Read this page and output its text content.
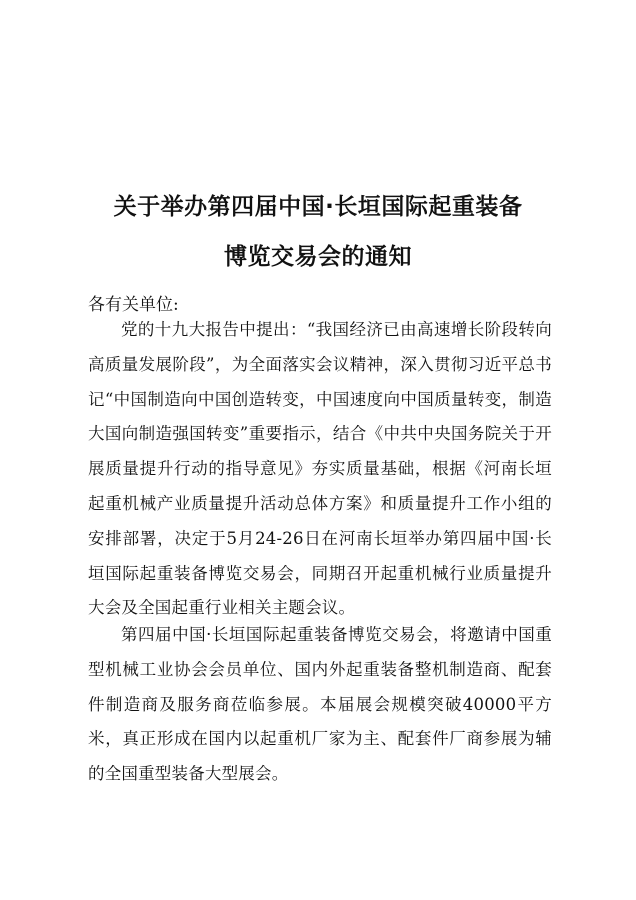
关于举办第四届中国·长垣国际起重装备
博览交易会的通知

各有关单位:

党的十九大报告中提出：“我国经济已由高速增长阶段转向高质量发展阶段”，为全面落实会议精神，深入贯彻习近平总书记“中国制造向中国创造转变，中国速度向中国质量转变，制造大国向制造强国转变”重要指示，结合《中共中央国务院关于开展质量提升行动的指导意见》夯实质量基础，根据《河南长垣起重机械产业质量提升活动总体方案》和质量提升工作小组的安排部署，决定于5月24-26日在河南长垣举办第四届中国·长垣国际起重装备博览交易会，同期召开起重机械行业质量提升大会及全国起重行业相关主题会议。

第四届中国·长垣国际起重装备博览交易会，将邀请中国重型机械工业协会会员单位、国内外起重装备整机制造商、配套件制造商及服务商莅临参展。本届展会规模突破40000平方米，真正形成在国内以起重机厂家为主、配套件厂商参展为辅的全国重型装备大型展会。
